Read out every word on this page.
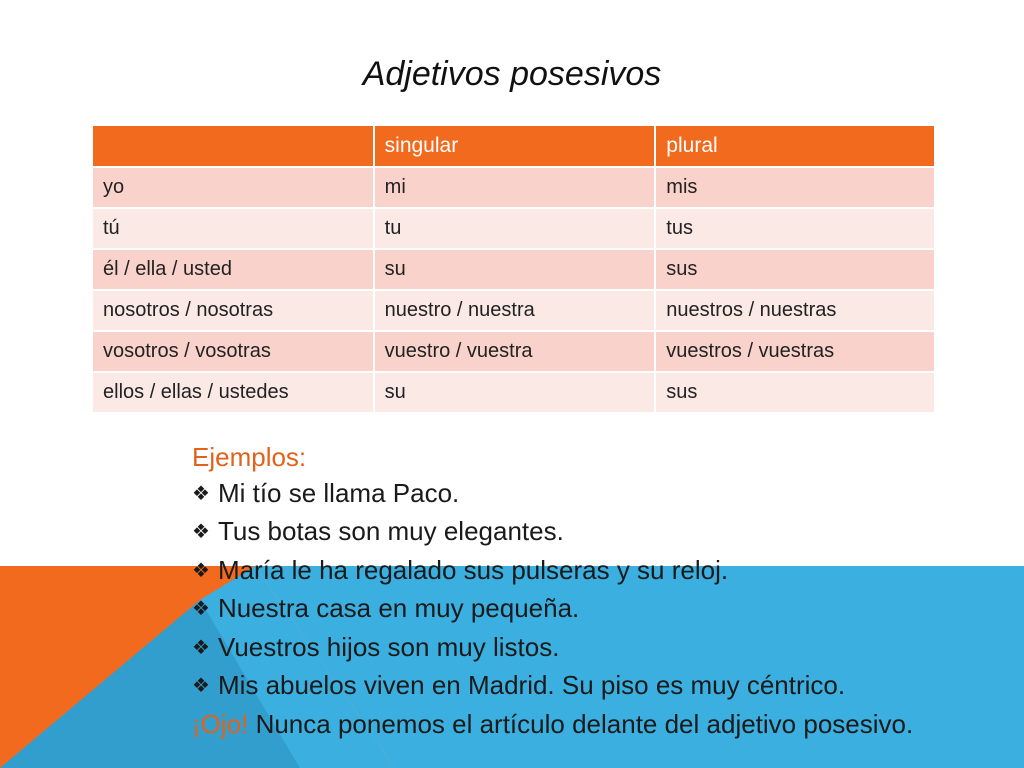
Adjetivos posesivos
	singular	plural
yo	mi	mis
tú	tu	tus
él / ella / usted	su	sus
nosotros / nosotras	nuestro / nuestra	nuestros / nuestras
vosotros / vosotras	vuestro / vuestra	vuestros / vuestras
ellos / ellas / ustedes	su	sus
Ejemplos:
❖ Mi tío se llama Paco.
❖ Tus botas son muy elegantes.
❖ María le ha regalado sus pulseras y su reloj.
❖ Nuestra casa en muy pequeña.
❖ Vuestros hijos son muy listos.
❖ Mis abuelos viven en Madrid. Su piso es muy céntrico.
¡Ojo! Nunca ponemos el artículo delante del adjetivo posesivo.
